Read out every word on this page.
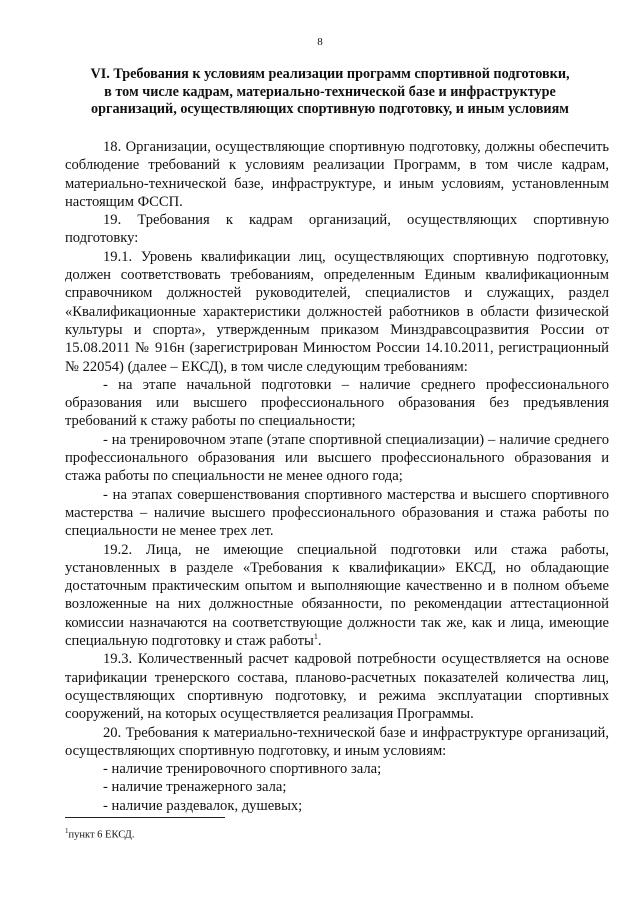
8
VI. Требования к условиям реализации программ спортивной подготовки,
в том числе кадрам, материально-технической базе и инфраструктуре
организаций, осуществляющих спортивную подготовку, и иным условиям

18. Организации, осуществляющие спортивную подготовку, должны обеспечить соблюдение требований к условиям реализации Программ, в том числе кадрам, материально-технической базе, инфраструктуре, и иным условиям, установленным настоящим ФССП.

19. Требования к кадрам организаций, осуществляющих спортивную подготовку:

19.1. Уровень квалификации лиц, осуществляющих спортивную подготовку, должен соответствовать требованиям, определенным Единым квалификационным справочником должностей руководителей, специалистов и служащих, раздел «Квалификационные характеристики должностей работников в области физической культуры и спорта», утвержденным приказом Минздравсоцразвития России от 15.08.2011 № 916н (зарегистрирован Минюстом России 14.10.2011, регистрационный № 22054) (далее – ЕКСД), в том числе следующим требованиям:

- на этапе начальной подготовки – наличие среднего профессионального образования или высшего профессионального образования без предъявления требований к стажу работы по специальности;

- на тренировочном этапе (этапе спортивной специализации) – наличие среднего профессионального образования или высшего профессионального образования и стажа работы по специальности не менее одного года;

- на этапах совершенствования спортивного мастерства и высшего спортивного мастерства – наличие высшего профессионального образования и стажа работы по специальности не менее трех лет.

19.2. Лица, не имеющие специальной подготовки или стажа работы, установленных в разделе «Требования к квалификации» ЕКСД, но обладающие достаточным практическим опытом и выполняющие качественно и в полном объеме возложенные на них должностные обязанности, по рекомендации аттестационной комиссии назначаются на соответствующие должности так же, как и лица, имеющие специальную подготовку и стаж работы$^1$.

19.3. Количественный расчет кадровой потребности осуществляется на основе тарификации тренерского состава, планово-расчетных показателей количества лиц, осуществляющих спортивную подготовку, и режима эксплуатации спортивных сооружений, на которых осуществляется реализация Программы.

20. Требования к материально-технической базе и инфраструктуре организаций, осуществляющих спортивную подготовку, и иным условиям:

- наличие тренировочного спортивного зала;

- наличие тренажерного зала;

- наличие раздевалок, душевых;

$^1$пункт 6 ЕКСД.
